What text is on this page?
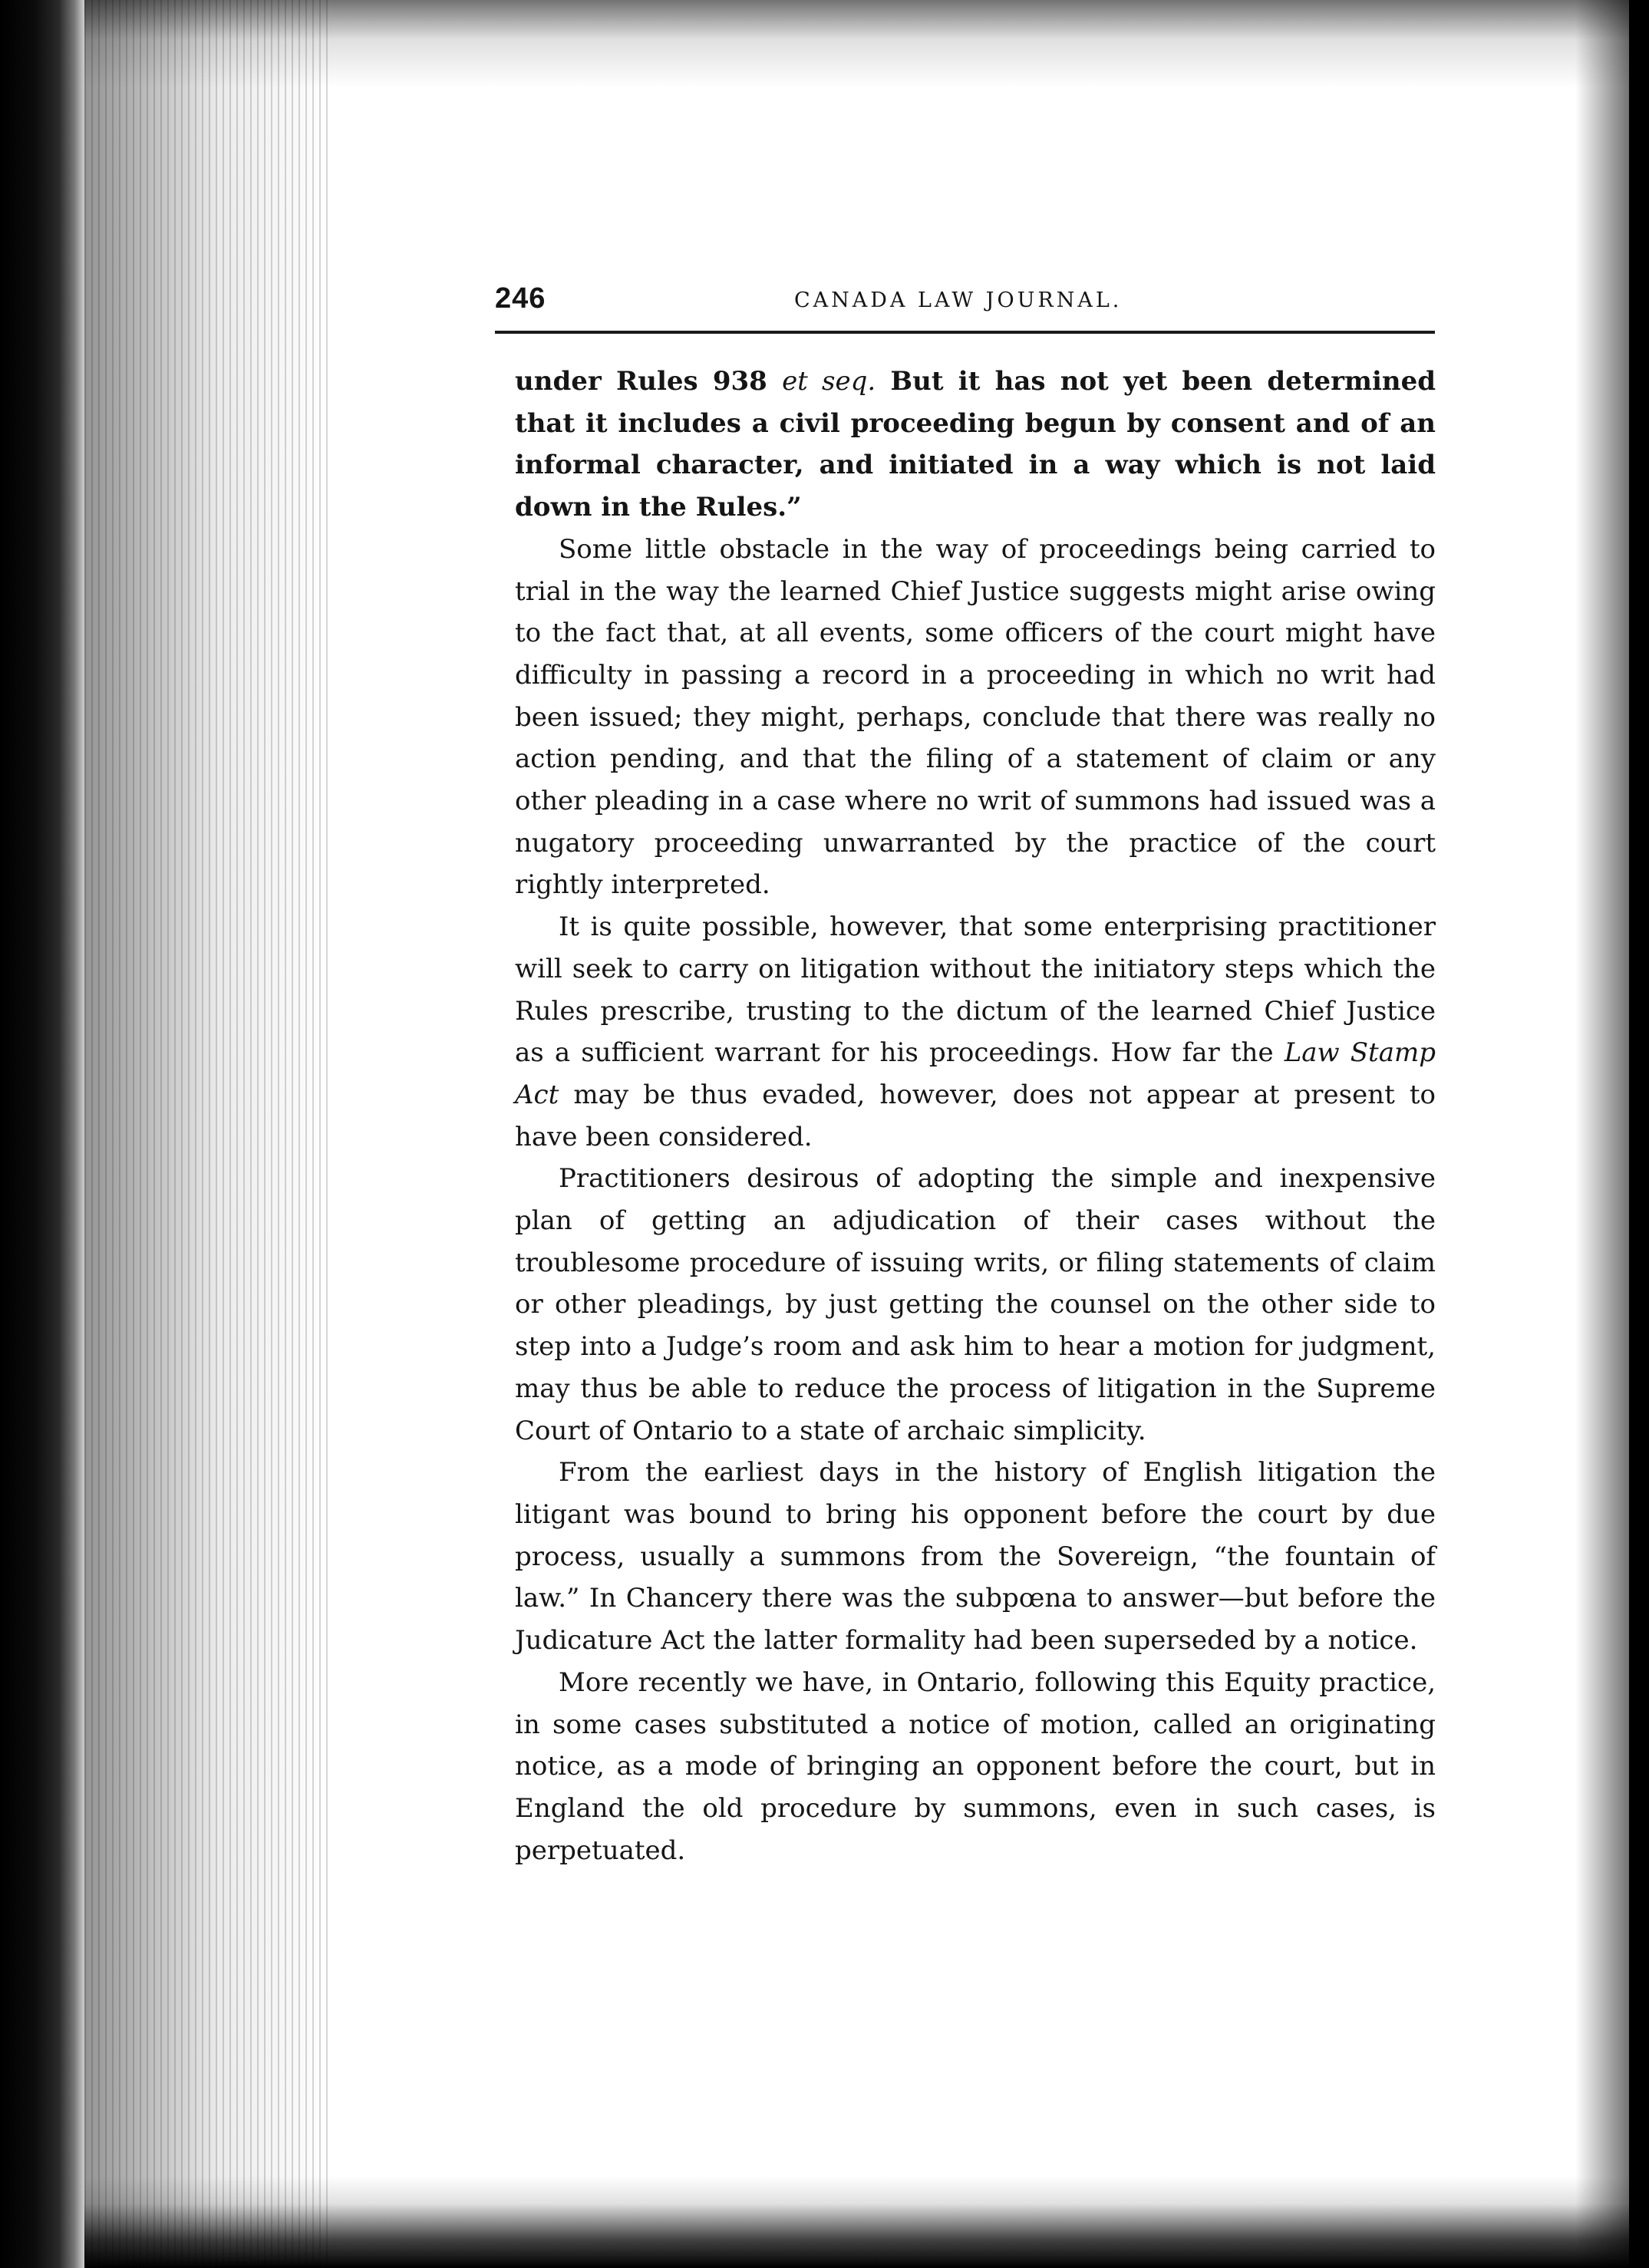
246	CANADA LAW JOURNAL.

under Rules 938 et seq. But it has not yet been determined that it includes a civil proceeding begun by consent and of an informal character, and initiated in a way which is not laid down in the Rules.”

Some little obstacle in the way of proceedings being carried to trial in the way the learned Chief Justice suggests might arise owing to the fact that, at all events, some officers of the court might have difficulty in passing a record in a proceeding in which no writ had been issued; they might, perhaps, conclude that there was really no action pending, and that the filing of a statement of claim or any other pleading in a case where no writ of summons had issued was a nugatory proceeding unwarranted by the practice of the court rightly interpreted.

It is quite possible, however, that some enterprising practitioner will seek to carry on litigation without the initiatory steps which the Rules prescribe, trusting to the dictum of the learned Chief Justice as a sufficient warrant for his proceedings. How far the Law Stamp Act may be thus evaded, however, does not appear at present to have been considered.

Practitioners desirous of adopting the simple and inexpensive plan of getting an adjudication of their cases without the troublesome procedure of issuing writs, or filing statements of claim or other pleadings, by just getting the counsel on the other side to step into a Judge’s room and ask him to hear a motion for judgment, may thus be able to reduce the process of litigation in the Supreme Court of Ontario to a state of archaic simplicity.

From the earliest days in the history of English litigation the litigant was bound to bring his opponent before the court by due process, usually a summons from the Sovereign, “the fountain of law.” In Chancery there was the subpœna to answer—but before the Judicature Act the latter formality had been superseded by a notice.

More recently we have, in Ontario, following this Equity practice, in some cases substituted a notice of motion, called an originating notice, as a mode of bringing an opponent before the court, but in England the old procedure by summons, even in such cases, is perpetuated.
